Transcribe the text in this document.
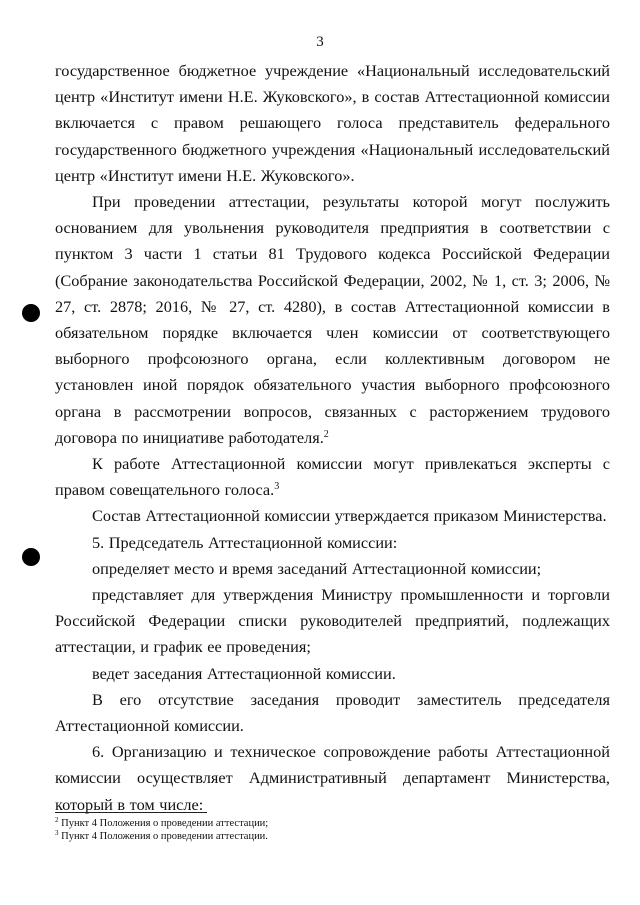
3

государственное бюджетное учреждение «Национальный исследовательский центр «Институт имени Н.Е. Жуковского», в состав Аттестационной комиссии включается с правом решающего голоса представитель федерального государственного бюджетного учреждения «Национальный исследовательский центр «Институт имени Н.Е. Жуковского».

При проведении аттестации, результаты которой могут послужить основанием для увольнения руководителя предприятия в соответствии с пунктом 3 части 1 статьи 81 Трудового кодекса Российской Федерации (Собрание законодательства Российской Федерации, 2002, № 1, ст. 3; 2006, № 27, ст. 2878; 2016, № 27, ст. 4280), в состав Аттестационной комиссии в обязательном порядке включается член комиссии от соответствующего выборного профсоюзного органа, если коллективным договором не установлен иной порядок обязательного участия выборного профсоюзного органа в рассмотрении вопросов, связанных с расторжением трудового договора по инициативе работодателя.$^2$

К работе Аттестационной комиссии могут привлекаться эксперты с правом совещательного голоса.$^3$

Состав Аттестационной комиссии утверждается приказом Министерства.

5. Председатель Аттестационной комиссии:

определяет место и время заседаний Аттестационной комиссии;

представляет для утверждения Министру промышленности и торговли Российской Федерации списки руководителей предприятий, подлежащих аттестации, и график ее проведения;

ведет заседания Аттестационной комиссии.

В его отсутствие заседания проводит заместитель председателя Аттестационной комиссии.

6. Организацию и техническое сопровождение работы Аттестационной комиссии осуществляет Административный департамент Министерства, который в том числе:

$^2$ Пункт 4 Положения о проведении аттестации;

$^3$ Пункт 4 Положения о проведении аттестации.
